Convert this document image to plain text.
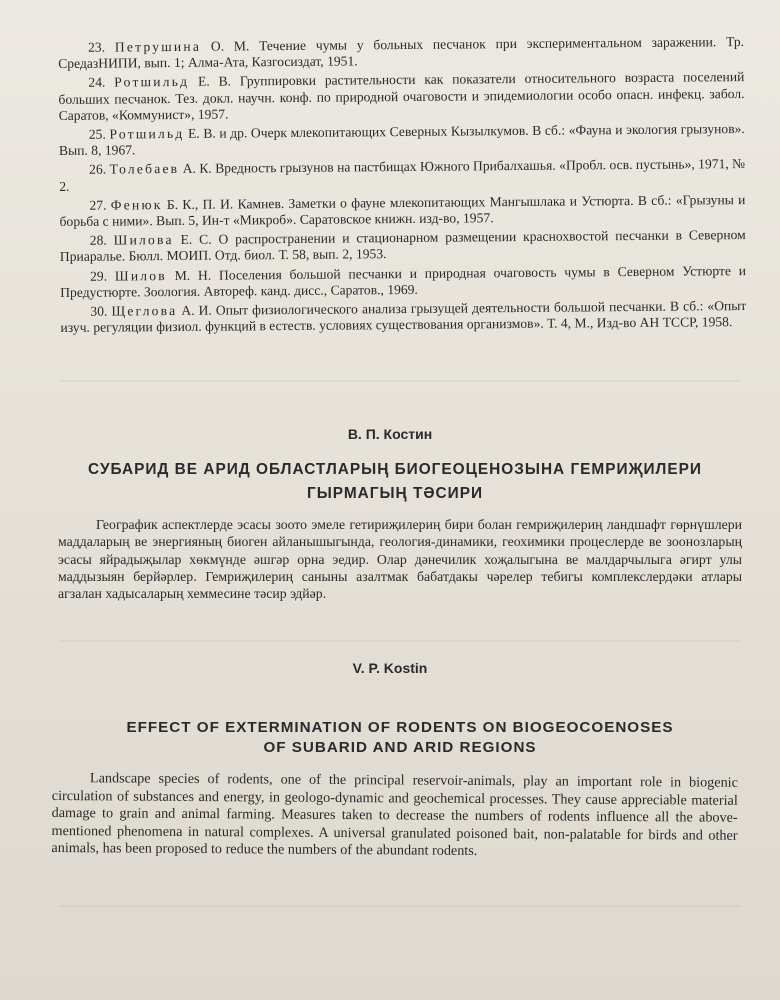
23. Петрушина О. М. Течение чумы у больных песчанок при экспериментальном заражении. Тр. СредазНИПИ, вып. 1; Алма-Ата, Казгосиздат, 1951.

24. Ротшильд Е. В. Группировки растительности как показатели относительного возраста поселений больших песчанок. Тез. докл. научн. конф. по природной очаговости и эпидемиологии особо опасн. инфекц. забол. Саратов, «Коммунист», 1957.

25. Ротшильд Е. В. и др. Очерк млекопитающих Северных Кызылкумов. В сб.: «Фауна и экология грызунов». Вып. 8, 1967.

26. Толебаев А. К. Вредность грызунов на пастбищах Южного Прибалхашья. «Пробл. осв. пустынь», 1971, № 2.

27. Фенюк Б. К., П. И. Камнев. Заметки о фауне млекопитающих Мангышлака и Устюрта. В сб.: «Грызуны и борьба с ними». Вып. 5, Ин-т «Микроб». Саратовское книжн. изд-во, 1957.

28. Шилова Е. С. О распространении и стационарном размещении краснохвостой песчанки в Северном Приаралье. Бюлл. МОИП. Отд. биол. Т. 58, вып. 2, 1953.

29. Шилов М. Н. Поселения большой песчанки и природная очаговость чумы в Северном Устюрте и Предустюрте. Зоология. Автореф. канд. дисс., Саратов., 1969.

30. Щеглова А. И. Опыт физиологического анализа грызущей деятельности большой песчанки. В сб.: «Опыт изуч. регуляции физиол. функций в естеств. условиях существования организмов». Т. 4, М., Изд-во АН ТССР, 1958.

В. П. Костин
СУБАРИД ВЕ АРИД ОБЛАСТЛАРЫҢ БИОГЕОЦЕНОЗЫНА ГЕМРИҖИЛЕРИ
ГЫРМАГЫҢ ТӘСИРИ

Географик аспектлерде эсасы зоото эмеле гетириҗилериң бири болан гемриҗилериң ландшафт гөрнүшлери маддаларың ве энергияның биоген айланышыгында, геология-динамики, геохимики процеслерде ве зоонозларың эсасы яйрадыҗылар хөкмүнде әшгәр орна эедир. Олар дәнечилик хоҗалыгына ве малдарчылыга әгирт улы маддызыян берйәрлер. Гемриҗилериң саныны азалтмак бабатдакы чәрелер тебигы комплекслердәки атлары агзалан хадысаларың хеммесине тәсир эдйәр.

V. P. Kostin
EFFECT OF EXTERMINATION OF RODENTS ON BIOGEOCOENOSES
OF SUBARID AND ARID REGIONS

Landscape species of rodents, one of the principal reservoir-animals, play an important role in biogenic circulation of substances and energy, in geologo-dynamic and geochemical processes. They cause appreciable material damage to grain and animal farming. Measures taken to decrease the numbers of rodents influence all the above-mentioned phenomena in natural complexes. A universal granulated poisoned bait, non-palatable for birds and other animals, has been proposed to reduce the numbers of the abundant rodents.
